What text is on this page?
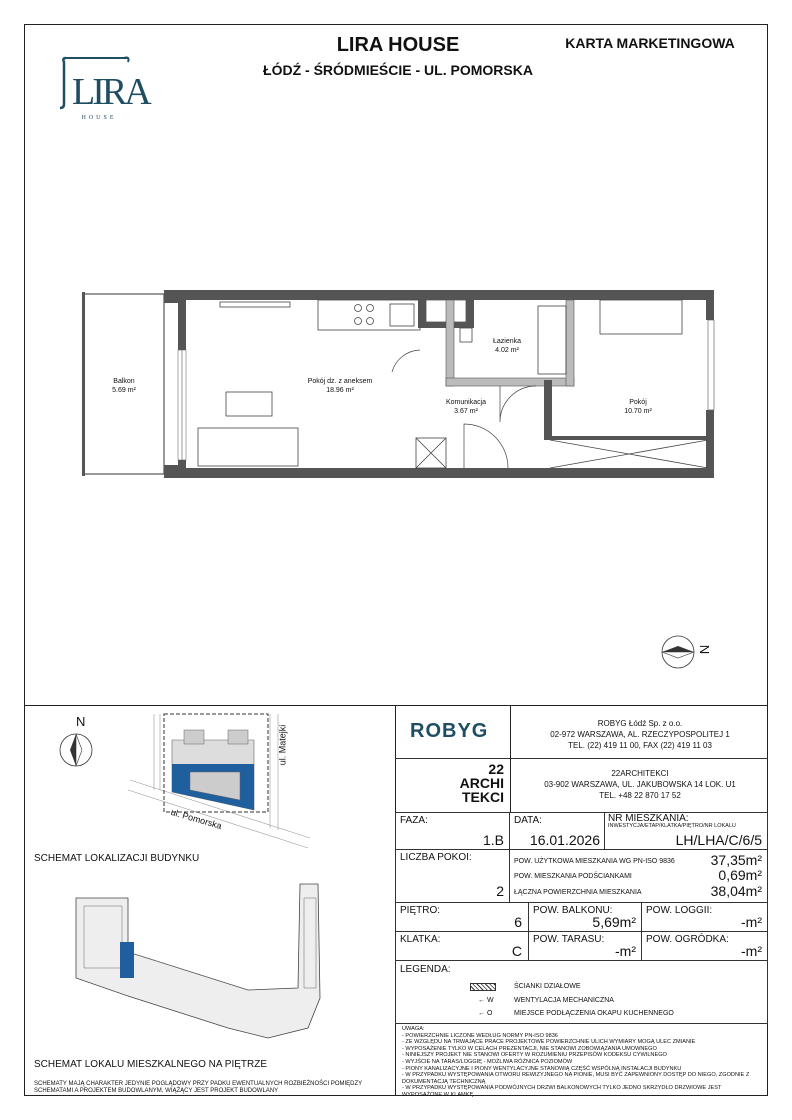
LIRA
HOUSE
LIRA HOUSE
ŁÓDŹ - ŚRÓDMIEŚCIE - UL. POMORSKA
KARTA MARKETINGOWA
Balkon
5.69 m²
Pokój dz. z aneksem
18.96 m²
Łazienka
4.02 m²
Komunikacja
3.67 m²
Pokój
10.70 m²
N
N
ul. Matejki
ul. Pomorska
SCHEMAT LOKALIZACJI BUDYNKU
SCHEMAT LOKALU MIESZKALNEGO NA PIĘTRZE
SCHEMATY MAJĄ CHARAKTER JEDYNIE POGLĄDOWY PRZY PADKU EWENTUALNYCH ROZBIEŻNOŚCI POMIĘDZY SCHEMATAMI A PROJEKTEM BUDOWLANYM, WIĄŻĄCY JEST PROJEKT BUDOWLANY
ROBYG	ROBYG Łódź Sp. z o.o.
02-972 WARSZAWA, AL. RZECZYPOSPOLITEJ 1
TEL. (22) 419 11 00, FAX (22) 419 11 03
22
ARCHI
TEKCI
22ARCHITEKCI
03-902 WARSZAWA, UL. JAKUBOWSKA 14 LOK. U1
TEL. +48 22 870 17 52
FAZA:
1.B
DATA:
16.01.2026
NR MIESZKANIA:
INWESTYCJA/ETAP/KLATKA/PIĘTRO/NR LOKALU
LH/LHA/C/6/5
LICZBA POKOI:
2
POW. UŻYTKOWA MIESZKANIA WG PN-ISO 9836	37,35m²
POW. MIESZKANIA PODŚCIANKAMI	0,69m²
ŁĄCZNA POWIERZCHNIA MIESZKANIA	38,04m²
PIĘTRO:
6
POW. BALKONU:
5,69m²
POW. LOGGII:
-m²
KLATKA:
C
POW. TARASU:
-m²
POW. OGRÓDKA:
-m²
LEGENDA:
ŚCIANKI DZIAŁOWE
← W	WENTYLACJA MECHANICZNA
← O	MIEJSCE PODŁĄCZENIA OKAPU KUCHENNEGO
UWAGA:
- POWIERZCHNIE LICZONE WEDŁUG NORMY PN-ISO 9836
- ZE WZGLĘDU NA TRWAJĄCE PRACE PROJEKTOWE POWIERZCHNIE ULICH WYMIARY MOGĄ ULEC ZMIANIE
- WYPOSAŻENIE TYLKO W CELACH PREZENTACJI, NIE STANOWI ZOBOWIĄZANIA UMOWNEGO
- NINIEJSZY PROJEKT NIE STANOWI OFERTY W ROZUMIENIU PRZEPISÓW KODEKSU CYWILNEGO
- WYJŚCIE NA TARAS/LOGGIĘ - MOŻLIWA RÓŻNICA POZIOMÓW
- PIONY KANALIZACYJNE I PIONY WENTYLACYJNE STANOWIĄ CZĘŚĆ WSPÓLNĄ INSTALACJI BUDYNKU
- W PRZYPADKU WYSTĘPOWANIA OTWORU REWIZYJNEGO NA PIONIE, MUSI BYĆ ZAPEWNIONY DOSTĘP DO NIEGO, ZGODNIE Z DOKUMENTACJĄ TECHNICZNĄ
- W PRZYPADKU WYSTĘPOWANIA PODWÓJNYCH DRZWI BALKONOWYCH TYLKO JEDNO SKRZYDŁO DRZWIOWE JEST WYPOSAŻONE W KLAMKĘ
